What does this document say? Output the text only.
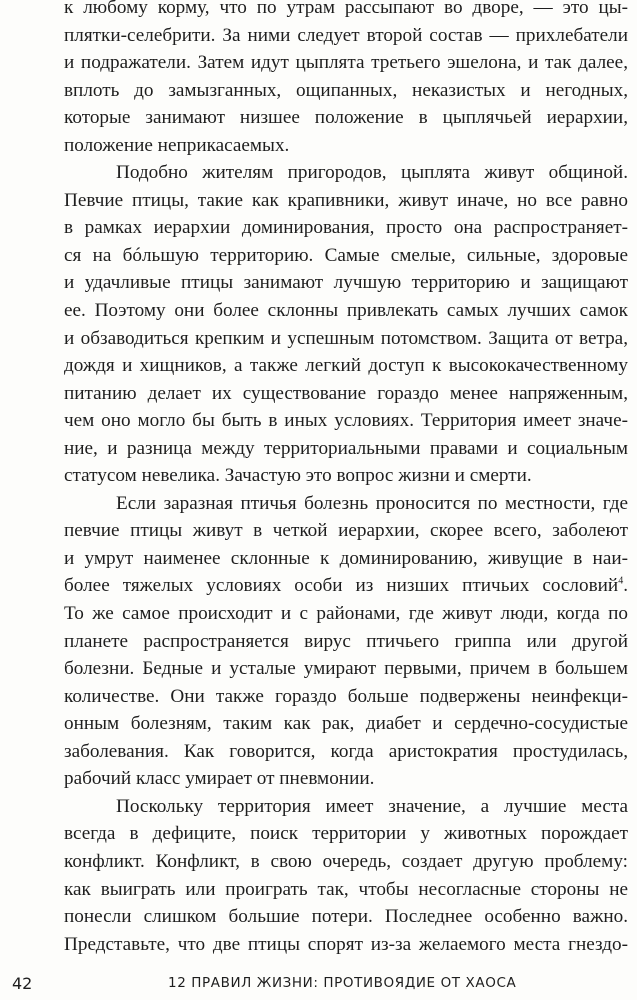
к любому корму, что по утрам рассыпают во дворе, — это цы-
плятки-селебрити. За ними следует второй состав — прихлебатели
и подражатели. Затем идут цыплята третьего эшелона, и так далее,
вплоть до замызганных, ощипанных, неказистых и негодных,
которые занимают низшее положение в цыплячьей иерархии,
положение неприкасаемых.
Подобно жителям пригородов, цыплята живут общиной.
Певчие птицы, такие как крапивники, живут иначе, но все равно
в рамках иерархии доминирования, просто она распространяет-
ся на бóльшую территорию. Самые смелые, сильные, здоровые
и удачливые птицы занимают лучшую территорию и защищают
ее. Поэтому они более склонны привлекать самых лучших самок
и обзаводиться крепким и успешным потомством. Защита от ветра,
дождя и хищников, а также легкий доступ к высококачественному
питанию делает их существование гораздо менее напряженным,
чем оно могло бы быть в иных условиях. Территория имеет значе-
ние, и разница между территориальными правами и социальным
статусом невелика. Зачастую это вопрос жизни и смерти.
Если заразная птичья болезнь проносится по местности, где
певчие птицы живут в четкой иерархии, скорее всего, заболеют
и умрут наименее склонные к доминированию, живущие в наи-
более тяжелых условиях особи из низших птичьих сословий$^4$.
То же самое происходит и с районами, где живут люди, когда по
планете распространяется вирус птичьего гриппа или другой
болезни. Бедные и усталые умирают первыми, причем в большем
количестве. Они также гораздо больше подвержены неинфекци-
онным болезням, таким как рак, диабет и сердечно-сосудистые
заболевания. Как говорится, когда аристократия простудилась,
рабочий класс умирает от пневмонии.
Поскольку территория имеет значение, а лучшие места
всегда в дефиците, поиск территории у животных порождает
конфликт. Конфликт, в свою очередь, создает другую проблему:
как выиграть или проиграть так, чтобы несогласные стороны не
понесли слишком большие потери. Последнее особенно важно.
Представьте, что две птицы спорят из-за желаемого места гнездо-
42	12 ПРАВИЛ ЖИЗНИ: ПРОТИВОЯДИЕ ОТ ХАОСА
